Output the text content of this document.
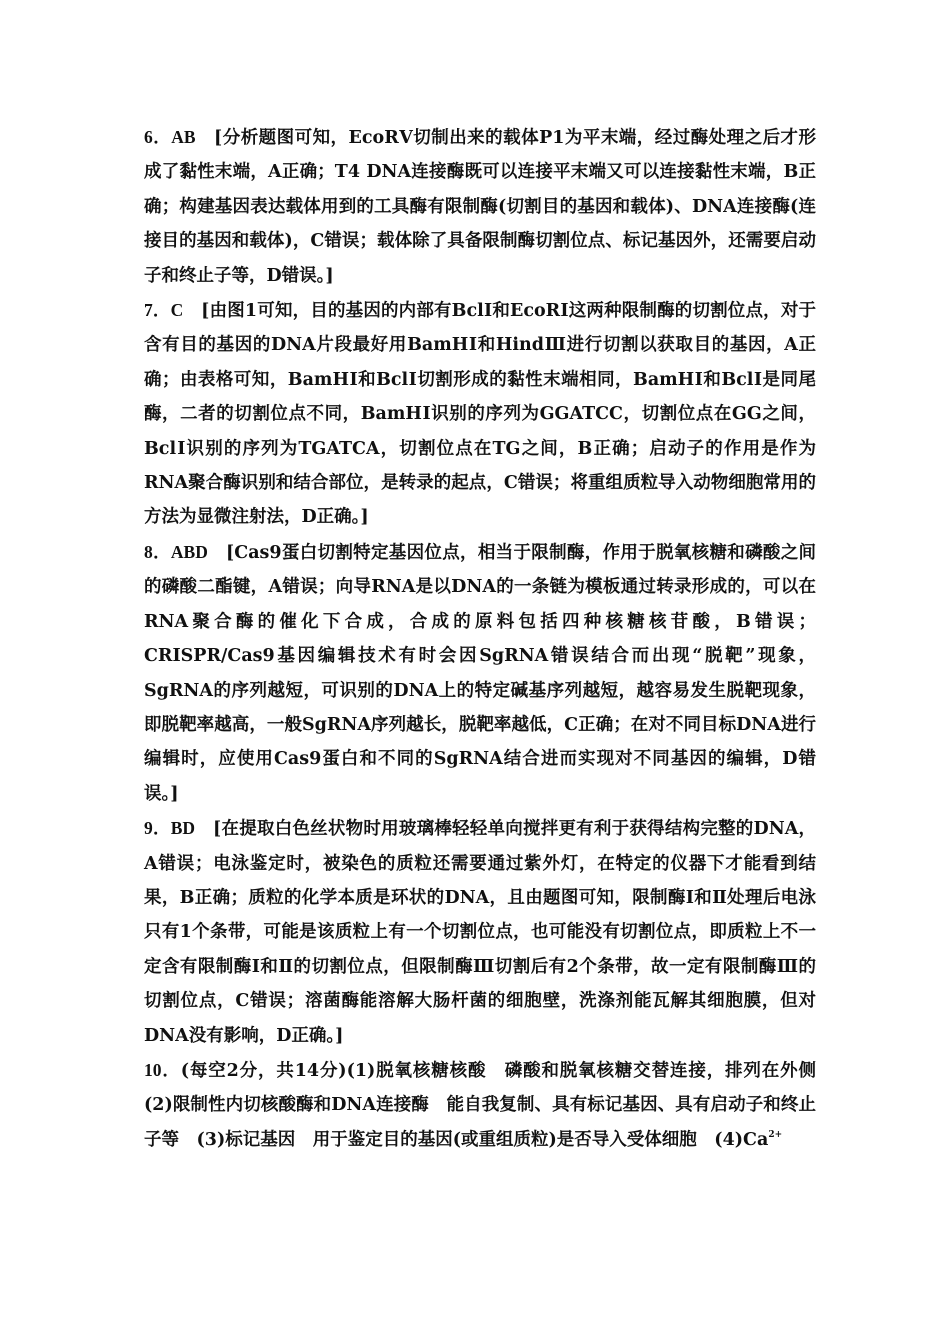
6．AB　 [分析题图可知，EcoRⅤ切制出来的载体P1为平末端，经过酶处理之后才形成了黏性末端，A正确；T4 DNA连接酶既可以连接平末端又可以连接黏性末端，B正确；构建基因表达载体用到的工具酶有限制酶(切割目的基因和载体)、DNA连接酶(连接目的基因和载体)，C错误；载体除了具备限制酶切割位点、标记基因外，还需要启动子和终止子等，D错误。]

7．C　 [由图1可知，目的基因的内部有BclⅠ和EcoRⅠ这两种限制酶的切割位点，对于含有目的基因的DNA片段最好用BamHⅠ和HindⅢ进行切割以获取目的基因，A正确；由表格可知，BamHⅠ和BclⅠ切割形成的黏性末端相同，BamHⅠ和BclⅠ是同尾酶，二者的切割位点不同，BamHⅠ识别的序列为GGATCC，切割位点在GG之间，BclⅠ识别的序列为TGATCA，切割位点在TG之间，B正确；启动子的作用是作为RNA聚合酶识别和结合部位，是转录的起点，C错误；将重组质粒导入动物细胞常用的方法为显微注射法，D正确。]

8．ABD　 [Cas9蛋白切割特定基因位点，相当于限制酶，作用于脱氧核糖和磷酸之间的磷酸二酯键，A错误；向导RNA是以DNA的一条链为模板通过转录形成的，可以在RNA聚合酶的催化下合成，合成的原料包括四种核糖核苷酸，B错误；CRISPR/Cas9基因编辑技术有时会因SgRNA错误结合而出现“脱靶”现象，SgRNA的序列越短，可识别的DNA上的特定碱基序列越短，越容易发生脱靶现象，即脱靶率越高，一般SgRNA序列越长，脱靶率越低，C正确；在对不同目标DNA进行编辑时，应使用Cas9蛋白和不同的SgRNA结合进而实现对不同基因的编辑，D错误。]

9．BD　 [在提取白色丝状物时用玻璃棒轻轻单向搅拌更有利于获得结构完整的DNA，A错误；电泳鉴定时，被染色的质粒还需要通过紫外灯，在特定的仪器下才能看到结果，B正确；质粒的化学本质是环状的DNA，且由题图可知，限制酶Ⅰ和Ⅱ处理后电泳只有1个条带，可能是该质粒上有一个切割位点，也可能没有切割位点，即质粒上不一定含有限制酶Ⅰ和Ⅱ的切割位点，但限制酶Ⅲ切割后有2个条带，故一定有限制酶Ⅲ的切割位点，C错误；溶菌酶能溶解大肠杆菌的细胞壁，洗涤剂能瓦解其细胞膜，但对DNA没有影响，D正确。]

10．(每空2分，共14分)(1)脱氧核糖核酸　磷酸和脱氧核糖交替连接，排列在外侧　(2)限制性内切核酸酶和DNA连接酶　能自我复制、具有标记基因、具有启动子和终止子等　(3)标记基因　用于鉴定目的基因(或重组质粒)是否导入受体细胞　$(4)Ca^{2+}$
